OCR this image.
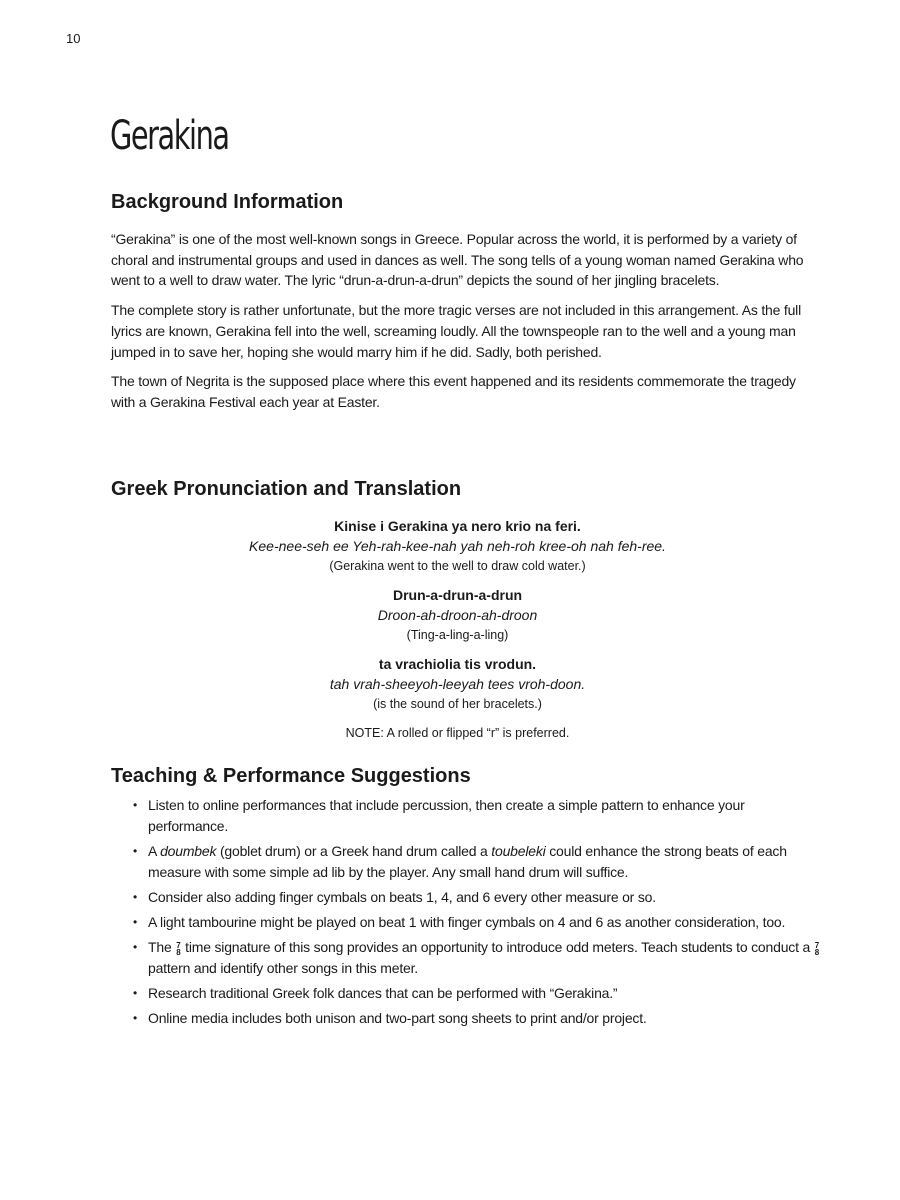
10
Gerakina
Background Information

“Gerakina” is one of the most well-known songs in Greece. Popular across the world, it is performed by a variety of choral and instrumental groups and used in dances as well. The song tells of a young woman named Gerakina who went to a well to draw water. The lyric “drun-a-drun-a-drun” depicts the sound of her jingling bracelets.

The complete story is rather unfortunate, but the more tragic verses are not included in this arrangement. As the full lyrics are known, Gerakina fell into the well, screaming loudly. All the townspeople ran to the well and a young man jumped in to save her, hoping she would marry him if he did. Sadly, both perished.

The town of Negrita is the supposed place where this event happened and its residents commemorate the tragedy with a Gerakina Festival each year at Easter.

Greek Pronunciation and Translation
Kinise i Gerakina ya nero krio na feri.
Kee-nee-seh ee Yeh-rah-kee-nah yah neh-roh kree-oh nah feh-ree.
(Gerakina went to the well to draw cold water.)
Drun-a-drun-a-drun
Droon-ah-droon-ah-droon
(Ting-a-ling-a-ling)
ta vrachiolia tis vrodun.
tah vrah-sheeyoh-leeyah tees vroh-doon.
(is the sound of her bracelets.)
NOTE: A rolled or flipped “r” is preferred.
Teaching & Performance Suggestions
• Listen to online performances that include percussion, then create a simple pattern to enhance your performance.
• A doumbek (goblet drum) or a Greek hand drum called a toubeleki could enhance the strong beats of each measure with some simple ad lib by the player. Any small hand drum will suffice.
• Consider also adding finger cymbals on beats 1, 4, and 6 every other measure or so.
• A light tambourine might be played on beat 1 with finger cymbals on 4 and 6 as another consideration, too.
• The 7
8 time signature of this song provides an opportunity to introduce odd meters. Teach students to conduct a 7
8
pattern and identify other songs in this meter.
• Research traditional Greek folk dances that can be performed with “Gerakina.”
• Online media includes both unison and two-part song sheets to print and/or project.
